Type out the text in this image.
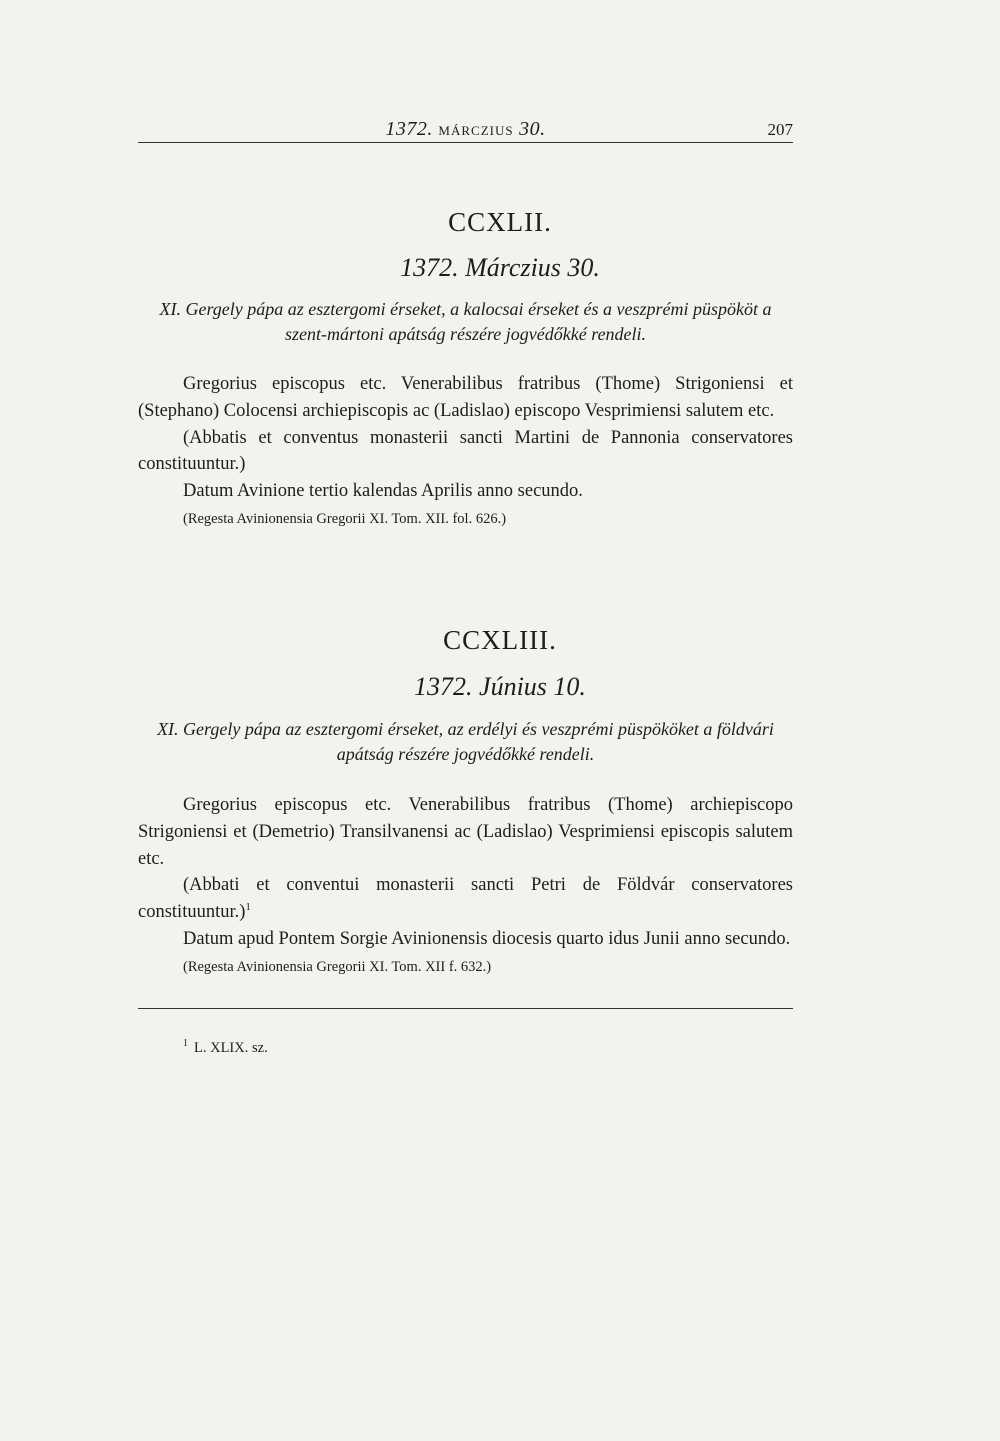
1372. MÁRCZIUS 30.	207
CCXLII.
1372. Márczius 30.
XI. Gergely pápa az esztergomi érseket, a kalocsai érseket és a veszprémi püspököt a
szent-mártoni apátság részére jogvédőkké rendeli.

Gregorius episcopus etc. Venerabilibus fratribus (Thome) Strigoniensi et (Stephano) Colocensi archiepiscopis ac (Ladislao) episcopo Vesprimiensi salutem etc.

(Abbatis et conventus monasterii sancti Martini de Pannonia conservatores constituuntur.)

Datum Avinione tertio kalendas Aprilis anno secundo.

(Regesta Avinionensia Gregorii XI. Tom. XII. fol. 626.)

CCXLIII.
1372. Június 10.
XI. Gergely pápa az esztergomi érseket, az erdélyi és veszprémi püspököket a földvári
apátság részére jogvédőkké rendeli.

Gregorius episcopus etc. Venerabilibus fratribus (Thome) archiepiscopo Strigoniensi et (Demetrio) Transilvanensi ac (Ladislao) Vesprimiensi episcopis salutem etc.

(Abbati et conventui monasterii sancti Petri de Földvár conservatores constituuntur.)$^1$

Datum apud Pontem Sorgie Avinionensis diocesis quarto idus Junii anno secundo.

(Regesta Avinionensia Gregorii XI. Tom. XII f. 632.)

$^1$ L. XLIX. sz.
